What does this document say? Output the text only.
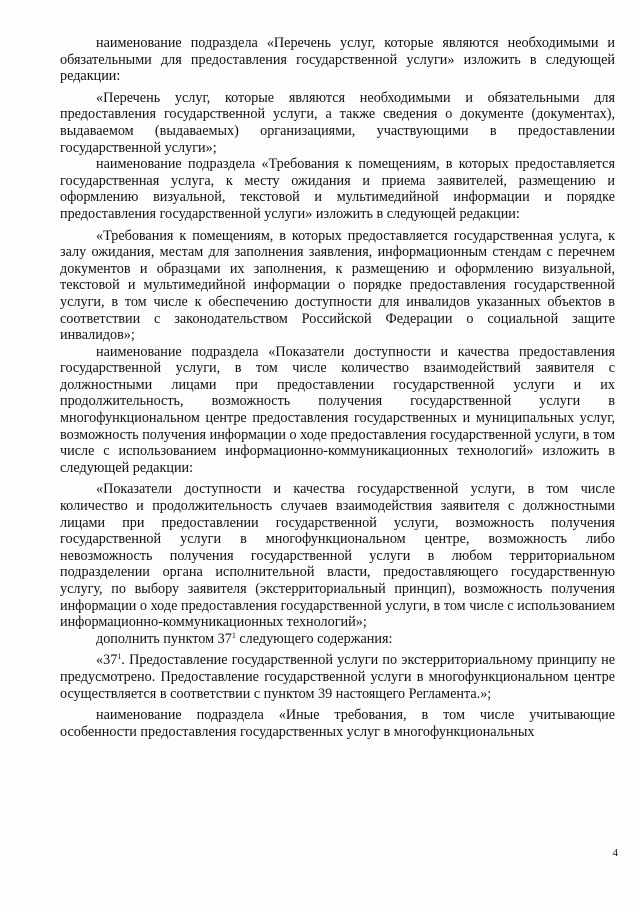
наименование подраздела «Перечень услуг, которые являются необходимыми и обязательными для предоставления государственной услуги» изложить в следующей редакции:

«Перечень услуг, которые являются необходимыми и обязательными для предоставления государственной услуги, а также сведения о документе (документах), выдаваемом (выдаваемых) организациями, участвующими в предоставлении государственной услуги»;

наименование подраздела «Требования к помещениям, в которых предоставляется государственная услуга, к месту ожидания и приема заявителей, размещению и оформлению визуальной, текстовой и мультимедийной информации и порядке предоставления государственной услуги» изложить в следующей редакции:

«Требования к помещениям, в которых предоставляется государственная услуга, к залу ожидания, местам для заполнения заявления, информационным стендам с перечнем документов и образцами их заполнения, к размещению и оформлению визуальной, текстовой и мультимедийной информации о порядке предоставления государственной услуги, в том числе к обеспечению доступности для инвалидов указанных объектов в соответствии с законодательством Российской Федерации о социальной защите инвалидов»;

наименование подраздела «Показатели доступности и качества предоставления государственной услуги, в том числе количество взаимодействий заявителя с должностными лицами при предоставлении государственной услуги и их продолжительность, возможность получения государственной услуги в многофункциональном центре предоставления государственных и муниципальных услуг, возможность получения информации о ходе предоставления государственной услуги, в том числе с использованием информационно-коммуникационных технологий» изложить в следующей редакции:

«Показатели доступности и качества государственной услуги, в том числе количество и продолжительность случаев взаимодействия заявителя с должностными лицами при предоставлении государственной услуги, возможность получения государственной услуги в многофункциональном центре, возможность либо невозможность получения государственной услуги в любом территориальном подразделении органа исполнительной власти, предоставляющего государственную услугу, по выбору заявителя (экстерриториальный принцип), возможность получения информации о ходе предоставления государственной услуги, в том числе с использованием информационно-коммуникационных технологий»;

дополнить пунктом $37^1$ следующего содержания:

«$37^1$. Предоставление государственной услуги по экстерриториальному принципу не предусмотрено. Предоставление государственной услуги в многофункциональном центре осуществляется в соответствии с пунктом 39 настоящего Регламента.»;

наименование подраздела «Иные требования, в том числе учитывающие особенности предоставления государственных услуг в многофункциональных

4
